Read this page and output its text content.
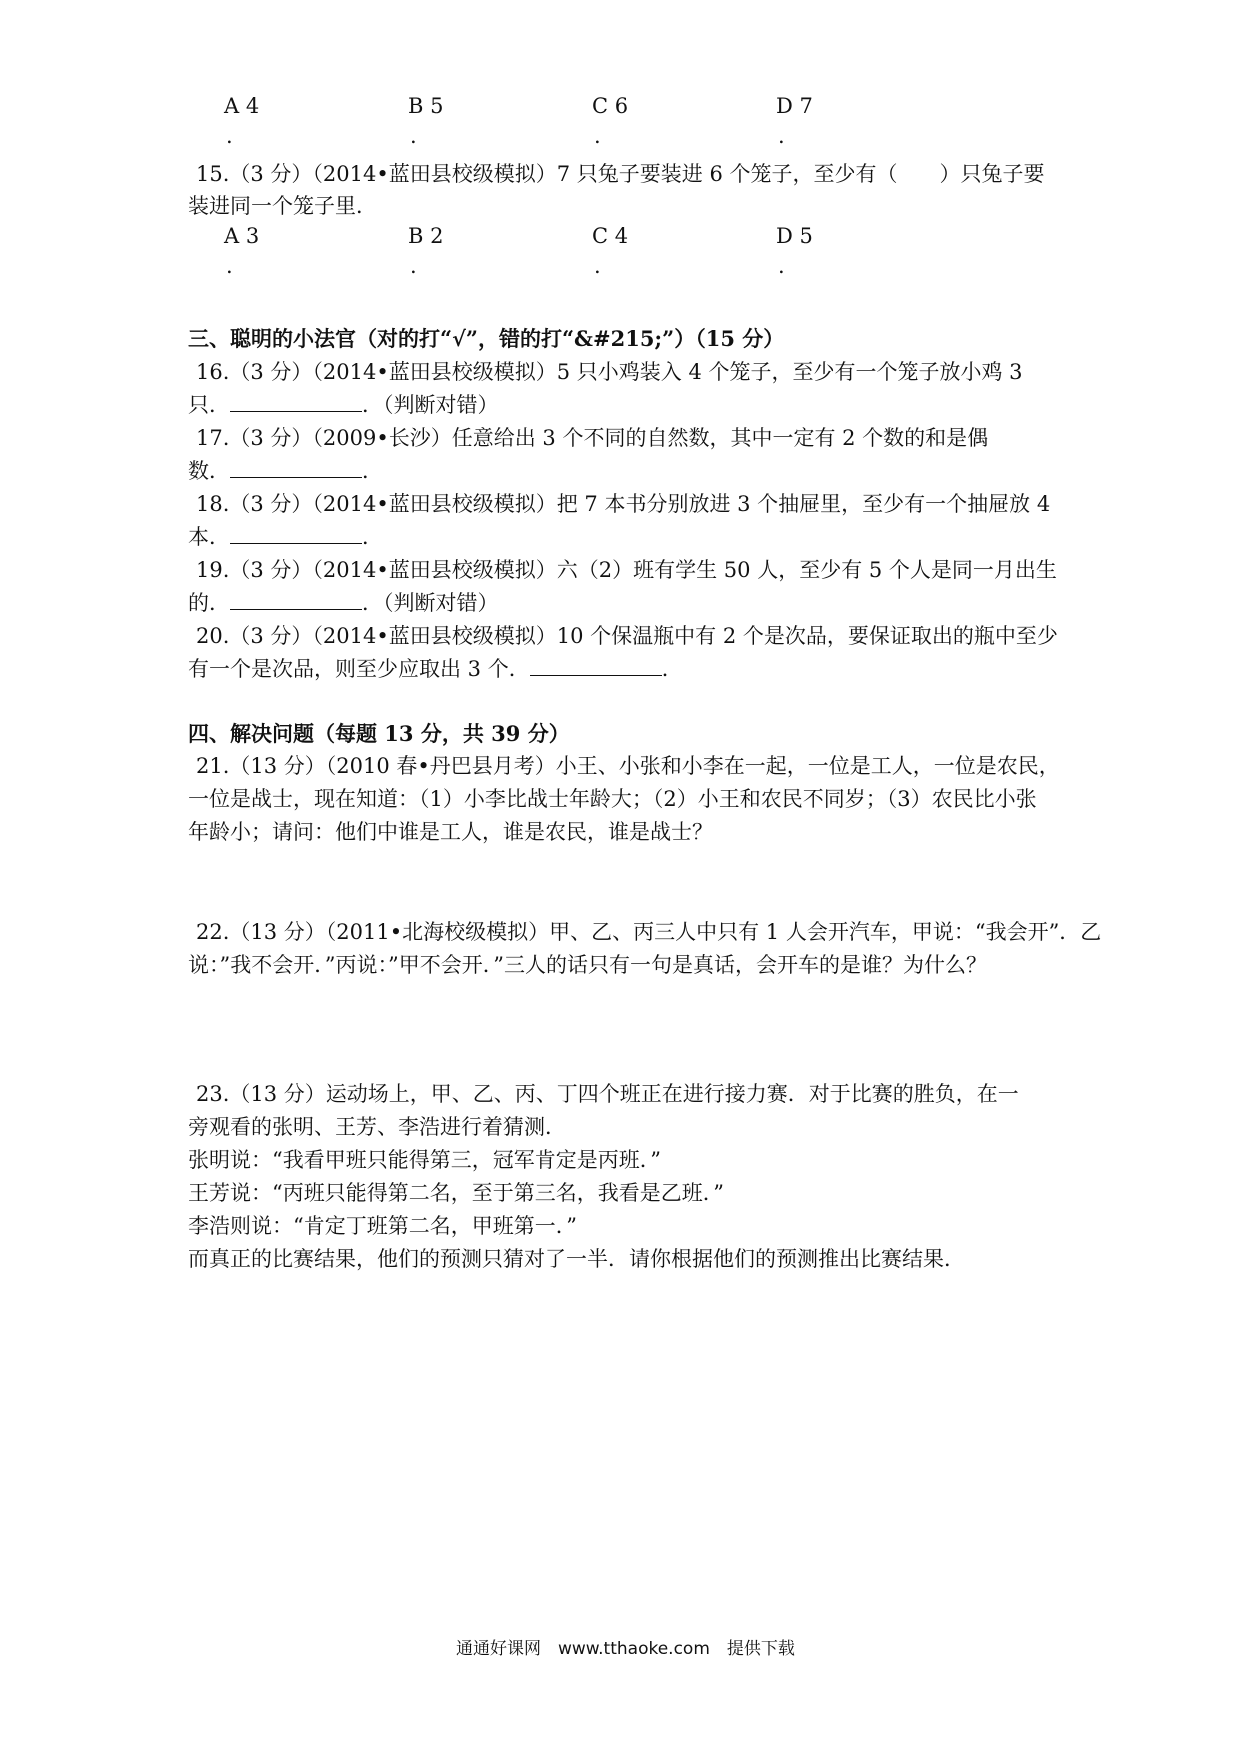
A 4	B 5	C 6	D 7
.	.	.	.
15.（3 分）（2014•蓝田县校级模拟）7 只兔子要装进 6 个笼子，至少有（　　）只兔子要
装进同一个笼子里．
A 3	B 2	C 4	D 5
.	.	.	.
三、聪明的小法官（对的打“√”，错的打“&#215;”）（15 分）
16.（3 分）（2014•蓝田县校级模拟）5 只小鸡装入 4 个笼子，至少有一个笼子放小鸡 3
只．	．（判断对错）
17.（3 分）（2009•长沙）任意给出 3 个不同的自然数，其中一定有 2 个数的和是偶
数．	．
18.（3 分）（2014•蓝田县校级模拟）把 7 本书分别放进 3 个抽屉里，至少有一个抽屉放 4
本．	．
19.（3 分）（2014•蓝田县校级模拟）六（2）班有学生 50 人，至少有 5 个人是同一月出生
的．	．（判断对错）
20.（3 分）（2014•蓝田县校级模拟）10 个保温瓶中有 2 个是次品，要保证取出的瓶中至少
有一个是次品，则至少应取出 3 个．	．
四、解决问题（每题 13 分，共 39 分）
21.（13 分）（2010 春•丹巴县月考）小王、小张和小李在一起，一位是工人，一位是农民，
一位是战士，现在知道：（1）小李比战士年龄大；（2）小王和农民不同岁；（3）农民比小张
年龄小；请问：他们中谁是工人，谁是农民，谁是战士？
22.（13 分）（2011•北海校级模拟）甲、乙、丙三人中只有 1 人会开汽车，甲说：“我会开”．乙
说：”我不会开．”丙说：”甲不会开．”三人的话只有一句是真话，会开车的是谁？为什么？
23.（13 分）运动场上，甲、乙、丙、丁四个班正在进行接力赛．对于比赛的胜负，在一
旁观看的张明、王芳、李浩进行着猜测．
张明说：“我看甲班只能得第三，冠军肯定是丙班．”
王芳说：“丙班只能得第二名，至于第三名，我看是乙班．”
李浩则说：“肯定丁班第二名，甲班第一．”
而真正的比赛结果，他们的预测只猜对了一半．请你根据他们的预测推出比赛结果．
通通好课网　www.tthaoke.com　提供下载
